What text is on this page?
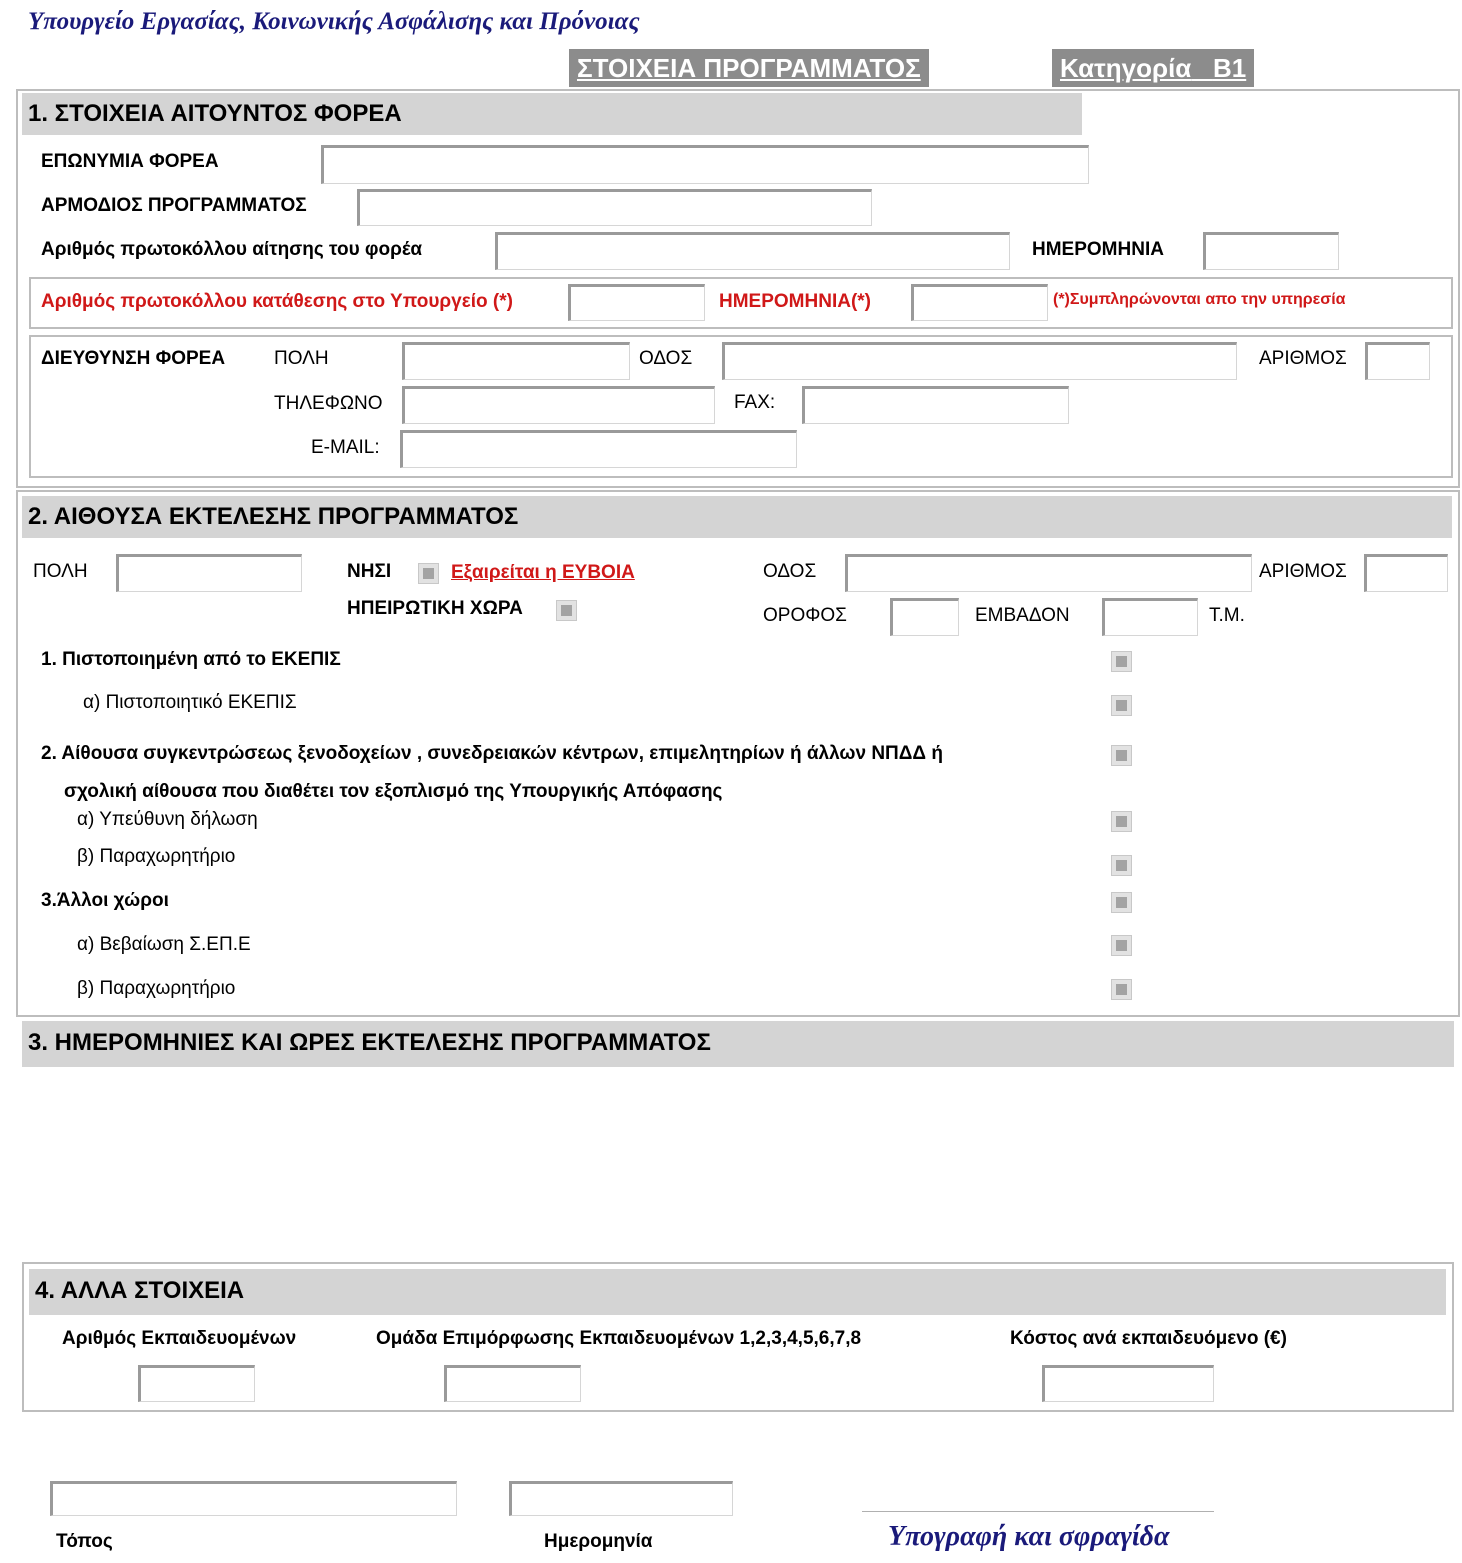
Υπουργείο Εργασίας, Κοινωνικής Ασφάλισης και Πρόνοιας
ΣΤΟΙΧΕΙΑ ΠΡΟΓΡΑΜΜΑΤΟΣ	Κατηγορία Β1
1. ΣΤΟΙΧΕΙΑ ΑΙΤΟΥΝΤΟΣ ΦΟΡΕΑ
ΕΠΩΝΥΜΙΑ ΦΟΡΕΑ
ΑΡΜΟΔΙΟΣ ΠΡΟΓΡΑΜΜΑΤΟΣ
Αριθμός πρωτοκόλλου αίτησης του φορέα	ΗΜΕΡΟΜΗΝΙΑ
Αριθμός πρωτοκόλλου κατάθεσης στο Υπουργείο (*)	ΗΜΕΡΟΜΗΝΙΑ(*)	(*)Συμπληρώνονται απο την υπηρεσία
ΔΙΕΥΘΥΝΣΗ ΦΟΡΕΑ	ΠΟΛΗ	ΟΔΟΣ	ΑΡΙΘΜΟΣ
ΤΗΛΕΦΩΝΟ	FAX:
E-MAIL:
2. ΑΙΘΟΥΣΑ ΕΚΤΕΛΕΣΗΣ ΠΡΟΓΡΑΜΜΑΤΟΣ
ΠΟΛΗ	ΝΗΣΙ	Εξαιρείται η ΕΥΒΟΙΑ
ΗΠΕΙΡΩΤΙΚΗ ΧΩΡΑ
ΟΔΟΣ	ΑΡΙΘΜΟΣ
ΟΡΟΦΟΣ	ΕΜΒΑΔΟΝ	Τ.Μ.
1. Πιστοποιημένη από το ΕΚΕΠΙΣ
α) Πιστοποιητικό ΕΚΕΠΙΣ
2. Αίθουσα συγκεντρώσεως ξενοδοχείων , συνεδρειακών κέντρων, επιμελητηρίων ή άλλων ΝΠΔΔ ή
σχολική αίθουσα που διαθέτει τον εξοπλισμό της Υπουργικής Απόφασης
α) Υπεύθυνη δήλωση
β) Παραχωρητήριο
3.Άλλοι χώροι
α) Βεβαίωση Σ.ΕΠ.Ε
β) Παραχωρητήριο
3. ΗΜΕΡΟΜΗΝΙΕΣ ΚΑΙ ΩΡΕΣ ΕΚΤΕΛΕΣΗΣ ΠΡΟΓΡΑΜΜΑΤΟΣ
4. ΑΛΛΑ ΣΤΟΙΧΕΙΑ
Αριθμός Εκπαιδευομένων	Ομάδα Επιμόρφωσης Εκπαιδευομένων 1,2,3,4,5,6,7,8	Κόστος ανά εκπαιδευόμενο (€)
Τόπος	Ημερομηνία	Υπογραφή και σφραγίδα
